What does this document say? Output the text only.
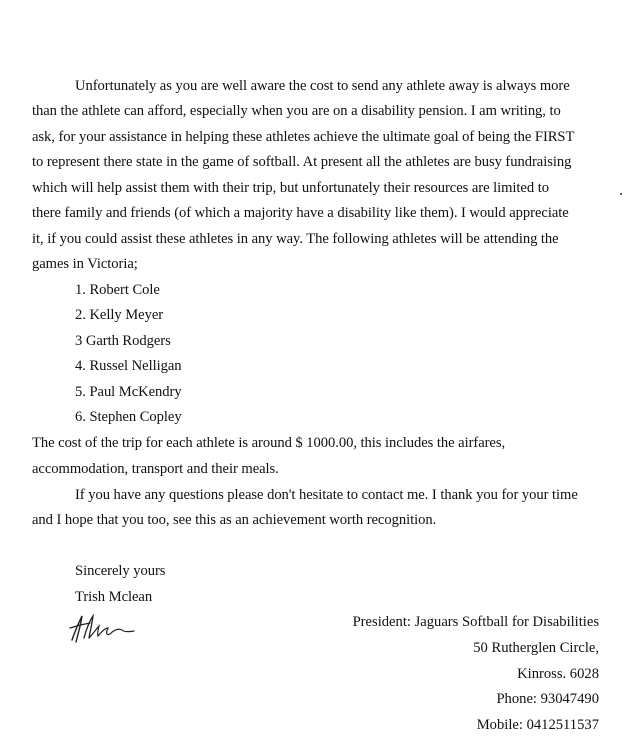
Unfortunately as you are well aware the cost to send any athlete away is always more
than the athlete can afford, especially when you are on a disability pension. I am writing, to
ask, for your assistance in helping these athletes achieve the ultimate goal of being the FIRST
to represent there state in the game of softball. At present all the athletes are busy fundraising
which will help assist them with their trip, but unfortunately their resources are limited to
there family and friends (of which a majority have a disability like them). I would appreciate
it, if you could assist these athletes in any way. The following athletes will be attending the
games in Victoria;
1. Robert Cole
2. Kelly Meyer
3 Garth Rodgers
4. Russel Nelligan
5. Paul McKendry
6. Stephen Copley
The cost of the trip for each athlete is around $ 1000.00, this includes the airfares,
accommodation, transport and their meals.
If you have any questions please don't hesitate to contact me. I thank you for your time
and I hope that you too, see this as an achievement worth recognition.
Sincerely yours
Trish Mclean
President: Jaguars Softball for Disabilities
50 Rutherglen Circle,
Kinross. 6028
Phone: 93047490
Mobile: 0412511537
